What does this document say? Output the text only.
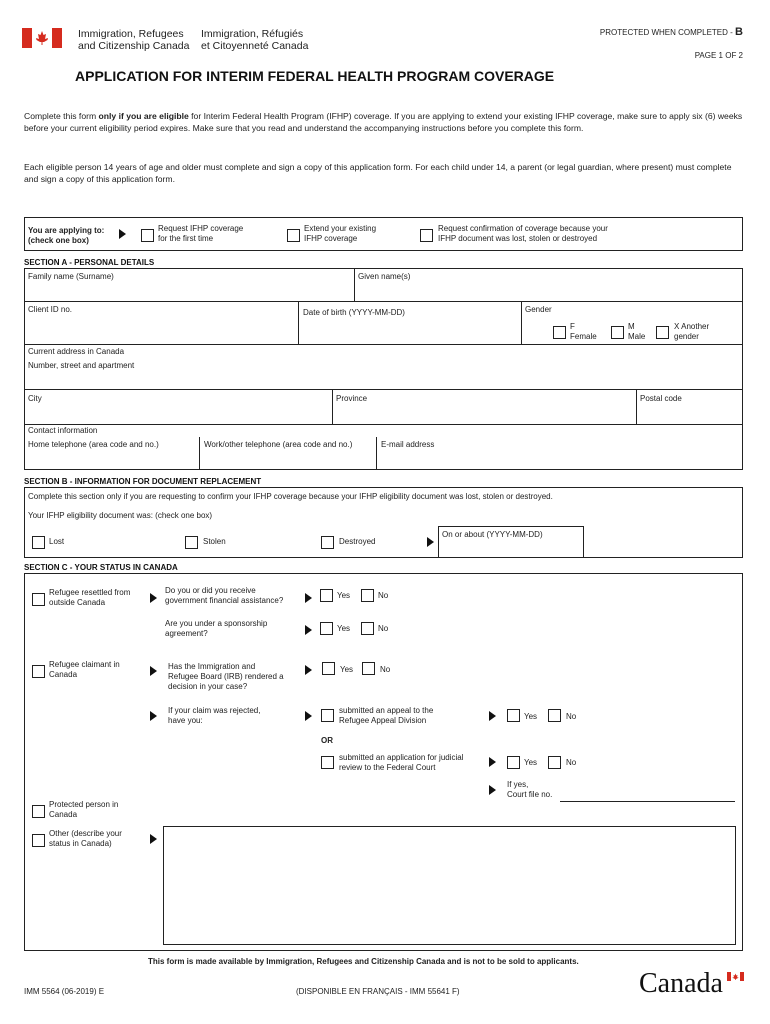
Immigration, Refugees
and Citizenship Canada
Immigration, Réfugiés
et Citoyenneté Canada
PROTECTED WHEN COMPLETED - B
PAGE 1 OF 2
APPLICATION FOR INTERIM FEDERAL HEALTH PROGRAM COVERAGE
Complete this form only if you are eligible for Interim Federal Health Program (IFHP) coverage. If you are applying to extend your existing IFHP coverage, make sure to apply six (6) weeks before your current eligibility period expires. Make sure that you read and understand the accompanying instructions before you complete this form.
Each eligible person 14 years of age and older must complete and sign a copy of this application form. For each child under 14, a parent (or legal guardian, where present) must complete and sign a copy of this application form.
You are applying to:
(check one box)
Request IFHP coverage
for the first time
Extend your existing
IFHP coverage
Request confirmation of coverage because your
IFHP document was lost, stolen or destroyed
SECTION A - PERSONAL DETAILS
Family name (Surname)	Given name(s)
Client ID no.	Date of birth (YYYY-MM-DD)	Gender
F
Female
M
Male
X Another
gender
Current address in Canada
Number, street and apartment
City	Province	Postal code
Contact information
Home telephone (area code and no.)	Work/other telephone (area code and no.)	E-mail address
SECTION B - INFORMATION FOR DOCUMENT REPLACEMENT
Complete this section only if you are requesting to confirm your IFHP coverage because your IFHP eligibility document was lost, stolen or destroyed.
Your IFHP eligibility document was: (check one box)
Lost	Stolen	Destroyed
On or about (YYYY-MM-DD)
SECTION C - YOUR STATUS IN CANADA
Refugee resettled from
outside Canada
Do you or did you receive
government financial assistance?
Yes	No
Are you under a sponsorship
agreement?
Yes	No
Refugee claimant in
Canada
Has the Immigration and
Refugee Board (IRB) rendered a
decision in your case?
Yes	No
If your claim was rejected,
have you:
submitted an appeal to the
Refugee Appeal Division	Yes	No
OR
submitted an application for judicial
review to the Federal Court
Yes	No
If yes,
Court file no.
Protected person in
Canada
Other (describe your
status in Canada)
This form is made available by Immigration, Refugees and Citizenship Canada and is not to be sold to applicants.
IMM 5564 (06-2019) E	(DISPONIBLE EN FRANÇAIS - IMM 55641 F)	Canada
